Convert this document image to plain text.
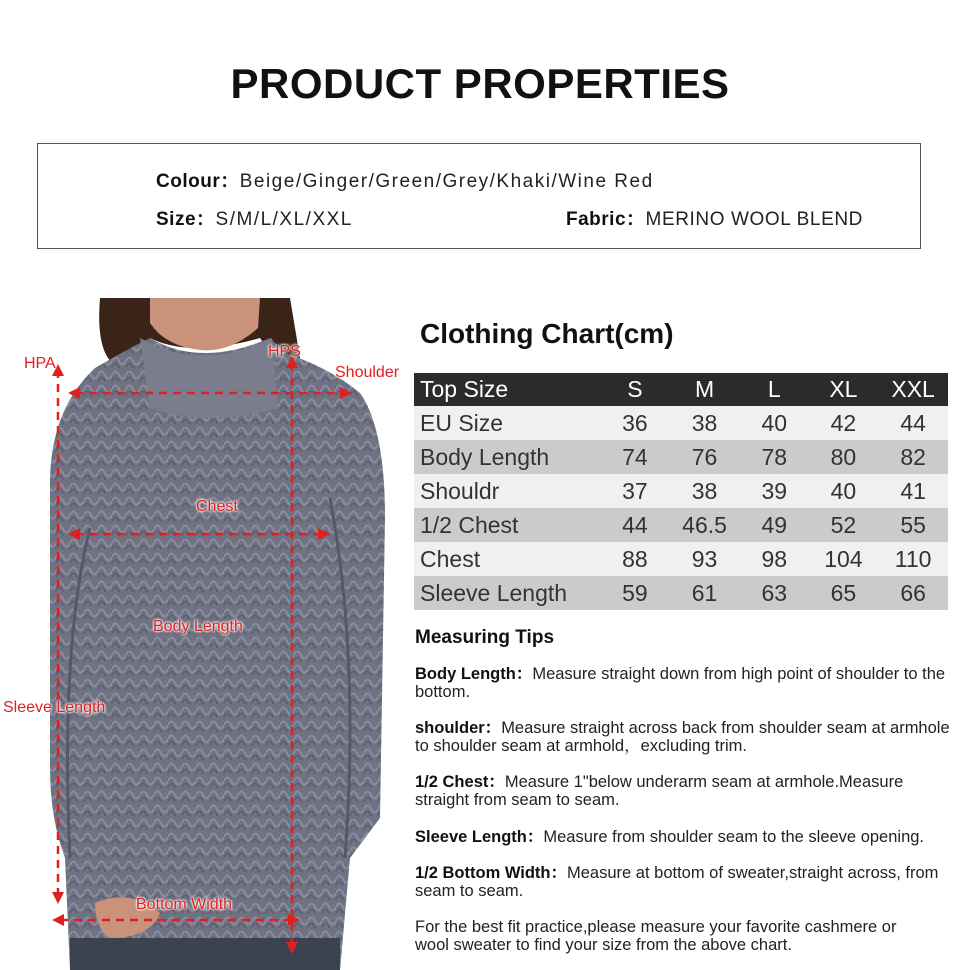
PRODUCT PROPERTIES
Colour：Beige/Ginger/Green/Grey/Khaki/Wine Red
Size：S/M/L/XL/XXL	Fabric：MERINO WOOL BLEND
HPA
HPS
Shoulder
Chest
Body Length
Sleeve Length
Bottom Width
Clothing Chart(cm)
Top Size	S	M	L	XL	XXL
EU Size	36	38	40	42	44
Body Length	74	76	78	80	82
Shouldr	37	38	39	40	41
1/2 Chest	44	46.5	49	52	55
Chest	88	93	98	104	110
Sleeve Length	59	61	63	65	66
Measuring Tips
Body Length：Measure straight down from high point of shoulder to the bottom.
shoulder：Measure straight across back from shoulder seam at armhole to shoulder seam at armhold，excluding trim.
1/2 Chest：Measure 1"below underarm seam at armhole.Measure straight from seam to seam.
Sleeve Length：Measure from shoulder seam to the sleeve opening.
1/2 Bottom Width：Measure at bottom of sweater,straight across, from seam to seam.
For the best fit practice,please measure your favorite cashmere or wool sweater to find your size from the above chart.
